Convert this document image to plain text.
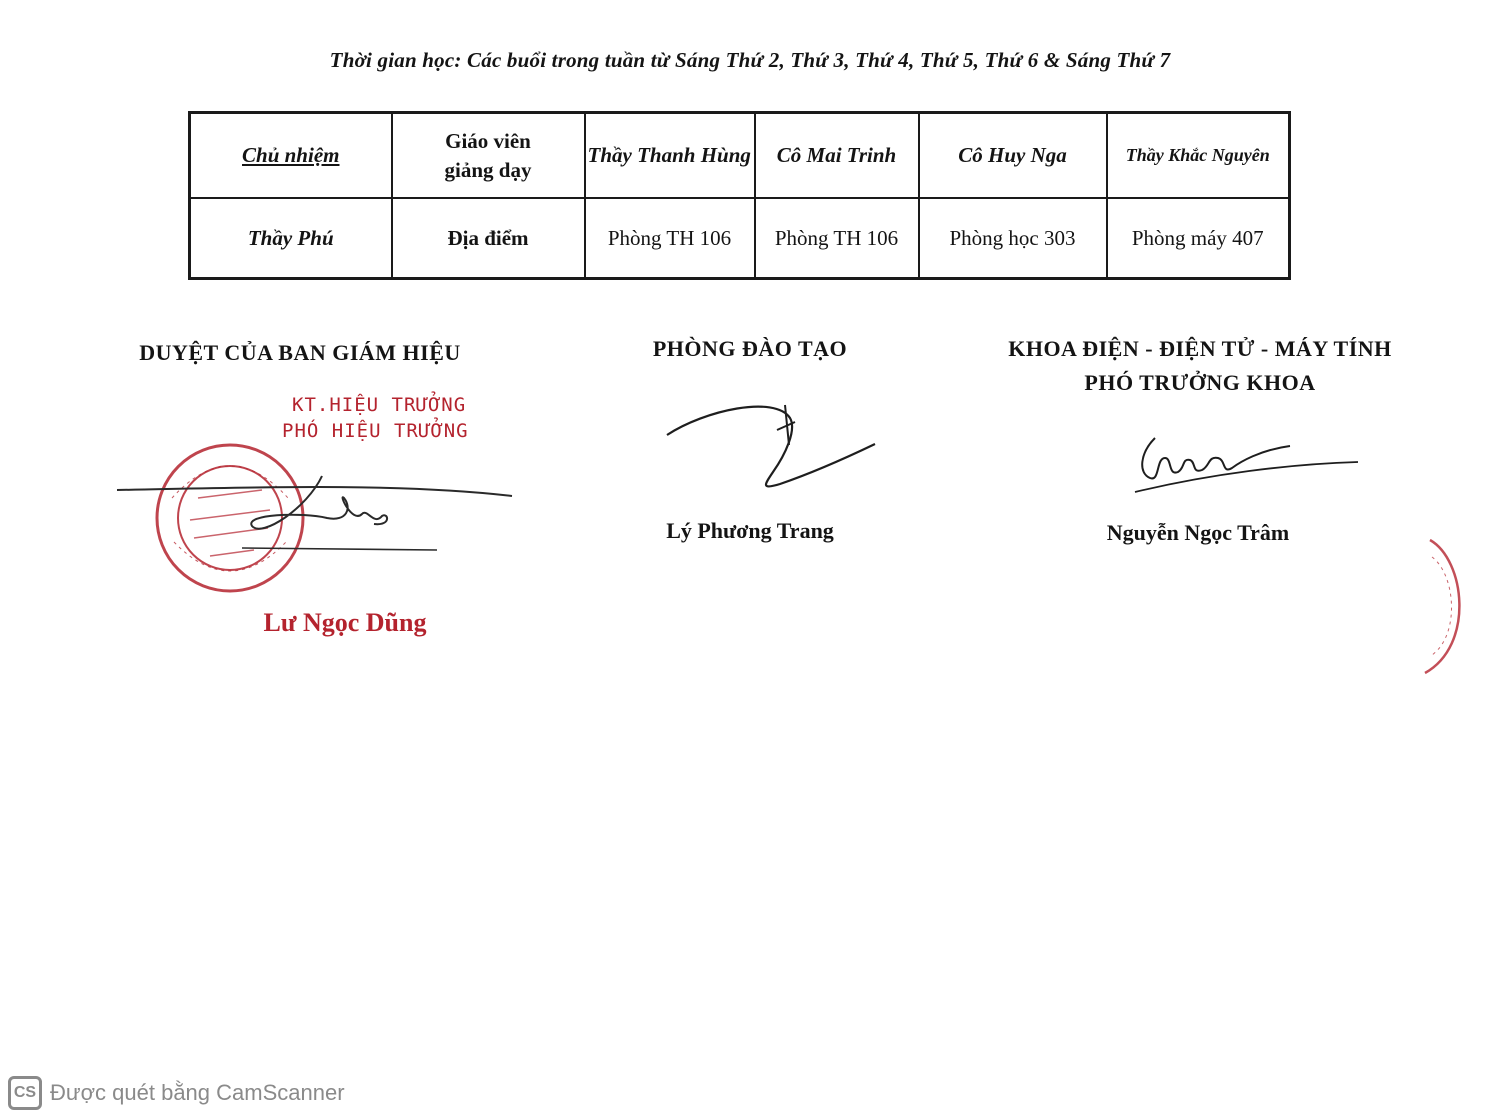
Thời gian học: Các buổi trong tuần từ Sáng Thứ 2, Thứ 3, Thứ 4, Thứ 5, Thứ 6 & Sáng Thứ 7
Chủ nhiệm	Giáo viên
giảng dạy	Thầy Thanh Hùng	Cô Mai Trinh	Cô Huy Nga	Thầy Khắc Nguyên
Thầy Phú	Địa điểm	Phòng TH 106	Phòng TH 106	Phòng học 303	Phòng máy 407
DUYỆT CỦA BAN GIÁM HIỆU
KT.HIỆU TRƯỞNG
PHÓ HIỆU TRƯỞNG
Lư Ngọc Dũng
PHÒNG ĐÀO TẠO
Lý Phương Trang
KHOA ĐIỆN - ĐIỆN TỬ - MÁY TÍNH
PHÓ TRƯỞNG KHOA
Nguyễn Ngọc Trâm
CS Được quét bằng CamScanner
